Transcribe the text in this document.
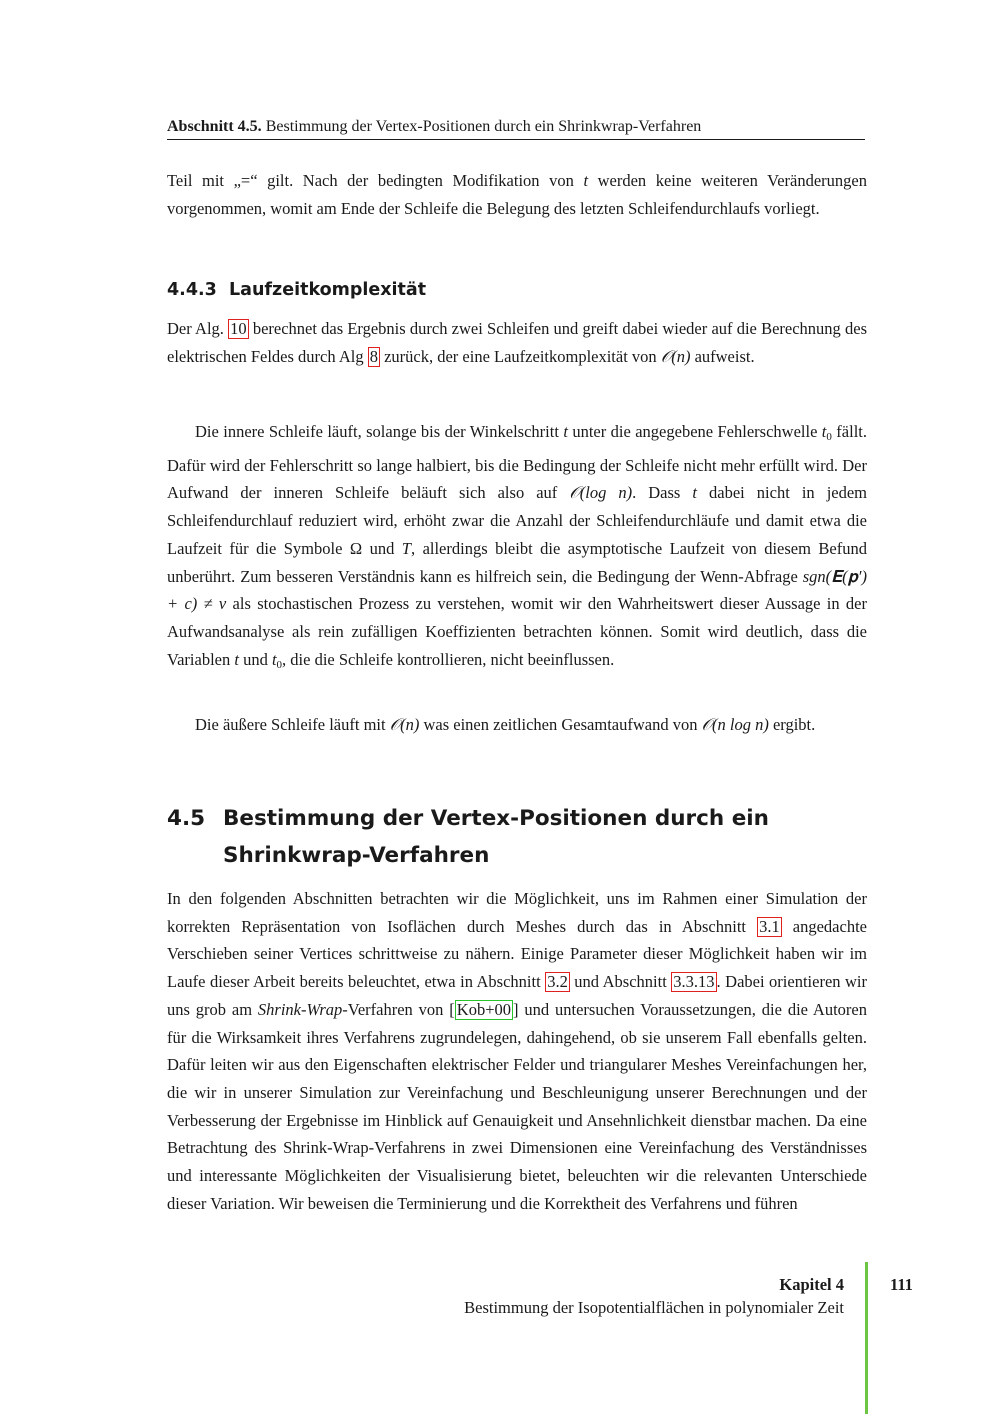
Abschnitt 4.5. Bestimmung der Vertex-Positionen durch ein Shrinkwrap-Verfahren

Teil mit „=“ gilt. Nach der bedingten Modifikation von t werden keine weiteren Veränderungen vorgenommen, womit am Ende der Schleife die Belegung des letzten Schleifendurchlaufs vorliegt.

4.4.3 Laufzeitkomplexität

Der Alg. 10 berechnet das Ergebnis durch zwei Schleifen und greift dabei wieder auf die Berechnung des elektrischen Feldes durch Alg 8 zurück, der eine Laufzeitkomplexität von 𝒪(n) aufweist.

Die innere Schleife läuft, solange bis der Winkelschritt t unter die angegebene Fehlerschwelle $t_0$ fällt. Dafür wird der Fehlerschritt so lange halbiert, bis die Bedingung der Schleife nicht mehr erfüllt wird. Der Aufwand der inneren Schleife beläuft sich also auf 𝒪(log n). Dass t dabei nicht in jedem Schleifendurchlauf reduziert wird, erhöht zwar die Anzahl der Schleifendurchläufe und damit etwa die Laufzeit für die Symbole Ω und T, allerdings bleibt die asymptotische Laufzeit von diesem Befund unberührt. Zum besseren Verständnis kann es hilfreich sein, die Bedingung der Wenn-Abfrage sgn(𝐄(𝐩′) + c) ≠ v als stochastischen Prozess zu verstehen, womit wir den Wahrheitswert dieser Aussage in der Aufwandsanalyse als rein zufälligen Koeffizienten betrachten können. Somit wird deutlich, dass die Variablen t und $t_0$, die die Schleife kontrollieren, nicht beeinflussen.

Die äußere Schleife läuft mit 𝒪(n) was einen zeitlichen Gesamtaufwand von 𝒪(n log n) ergibt.

4.5 Bestimmung der Vertex-Positionen durch ein Shrinkwrap-Verfahren

In den folgenden Abschnitten betrachten wir die Möglichkeit, uns im Rahmen einer Simulation der korrekten Repräsentation von Isoflächen durch Meshes durch das in Abschnitt 3.1 angedachte Verschieben seiner Vertices schrittweise zu nähern. Einige Parameter dieser Möglichkeit haben wir im Laufe dieser Arbeit bereits beleuchtet, etwa in Abschnitt 3.2 und Abschnitt 3.3.13 . Dabei orientieren wir uns grob am Shrink-Wrap-Verfahren von [ Kob+00 ] und untersuchen Voraussetzungen, die die Autoren für die Wirksamkeit ihres Verfahrens zugrundelegen, dahingehend, ob sie unserem Fall ebenfalls gelten. Dafür leiten wir aus den Eigenschaften elektrischer Felder und triangularer Meshes Vereinfachungen her, die wir in unserer Simulation zur Vereinfachung und Beschleunigung unserer Berechnungen und der Verbesserung der Ergebnisse im Hinblick auf Genauigkeit und Ansehnlichkeit dienstbar machen. Da eine Betrachtung des Shrink-Wrap-Verfahrens in zwei Dimensionen eine Vereinfachung des Verständnisses und interessante Möglichkeiten der Visualisierung bietet, beleuchten wir die relevanten Unterschiede dieser Variation. Wir beweisen die Terminierung und die Korrektheit des Verfahrens und führen

Kapitel 4
Bestimmung der Isopotentialflächen in polynomialer Zeit
111
